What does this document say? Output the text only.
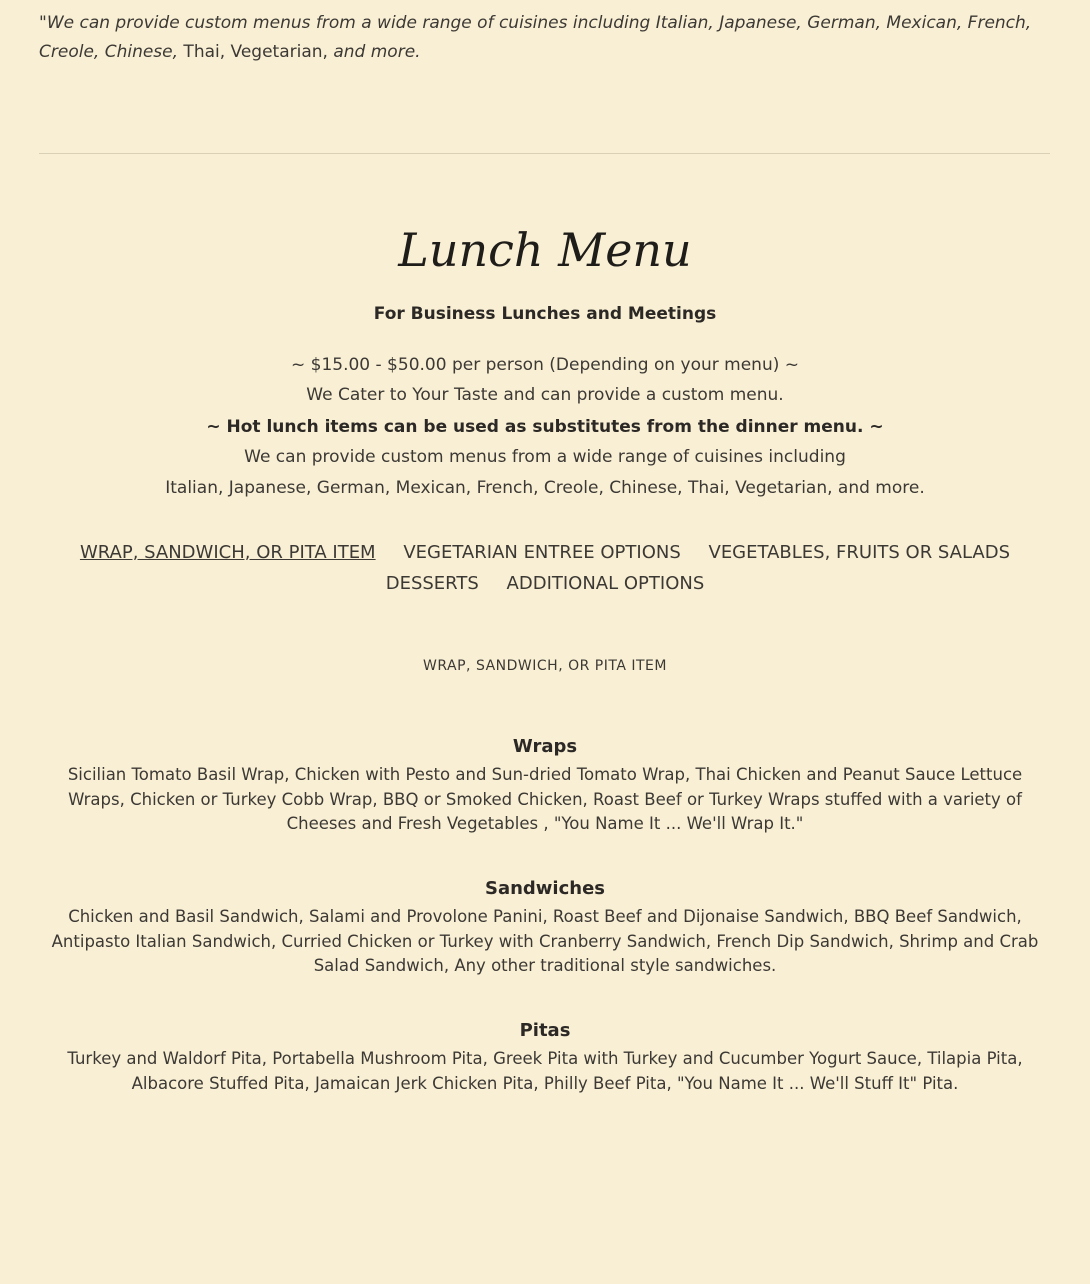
"We can provide custom menus from a wide range of cuisines including Italian, Japanese, German, Mexican, French, Creole, Chinese, Thai, Vegetarian, and more.

Lunch Menu
For Business Lunches and Meetings
~ $15.00 - $50.00 per person (Depending on your menu) ~
We Cater to Your Taste and can provide a custom menu.
~ Hot lunch items can be used as substitutes from the dinner menu. ~
We can provide custom menus from a wide range of cuisines including
Italian, Japanese, German, Mexican, French, Creole, Chinese, Thai, Vegetarian, and more.
WRAP, SANDWICH, OR PITA ITEM VEGETARIAN ENTREE OPTIONS VEGETABLES, FRUITS OR SALADS DESSERTS ADDITIONAL OPTIONS
WRAP, SANDWICH, OR PITA ITEM
Wraps
Sicilian Tomato Basil Wrap, Chicken with Pesto and Sun-dried Tomato Wrap, Thai Chicken and Peanut Sauce Lettuce Wraps, Chicken or Turkey Cobb Wrap, BBQ or Smoked Chicken, Roast Beef or Turkey Wraps stuffed with a variety of Cheeses and Fresh Vegetables , "You Name It ... We'll Wrap It."
Sandwiches
Chicken and Basil Sandwich, Salami and Provolone Panini, Roast Beef and Dijonaise Sandwich, BBQ Beef Sandwich, Antipasto Italian Sandwich, Curried Chicken or Turkey with Cranberry Sandwich, French Dip Sandwich, Shrimp and Crab Salad Sandwich, Any other traditional style sandwiches.
Pitas
Turkey and Waldorf Pita, Portabella Mushroom Pita, Greek Pita with Turkey and Cucumber Yogurt Sauce, Tilapia Pita, Albacore Stuffed Pita, Jamaican Jerk Chicken Pita, Philly Beef Pita, "You Name It ... We'll Stuff It" Pita.
